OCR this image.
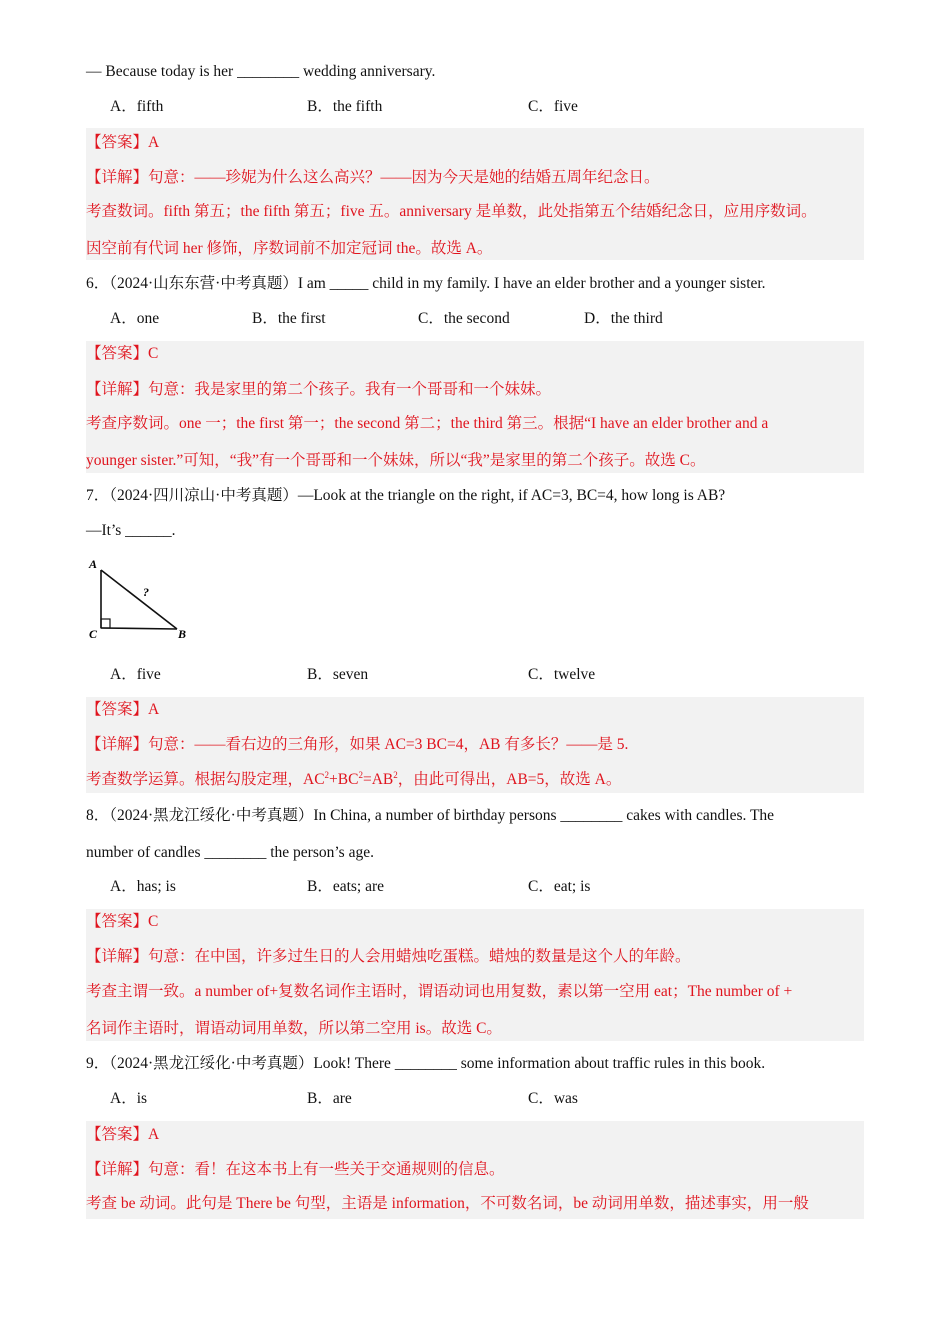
— Because today is her ________ wedding anniversary.
A．fifth	B．the fifth	C．five
【答案】A
【详解】句意：——珍妮为什么这么高兴？——因为今天是她的结婚五周年纪念日。
考查数词。fifth 第五；the fifth 第五；five 五。anniversary 是单数，此处指第五个结婚纪念日，应用序数词。
因空前有代词 her 修饰，序数词前不加定冠词 the。故选 A。
6．（2024·山东东营·中考真题）I am _____ child in my family. I have an elder brother and a younger sister.
A．one	B．the first	C．the second	D．the third
【答案】C
【详解】句意：我是家里的第二个孩子。我有一个哥哥和一个妹妹。
考查序数词。one 一；the first 第一；the second 第二；the third 第三。根据“I have an elder brother and a
younger sister.”可知，“我”有一个哥哥和一个妹妹，所以“我”是家里的第二个孩子。故选 C。
7．（2024·四川凉山·中考真题）—Look at the triangle on the right, if AC=3, BC=4, how long is AB?
—It’s ______.
A
C	B
?
A．five	B．seven	C．twelve
【答案】A
【详解】句意：——看右边的三角形，如果 AC=3 BC=4，AB 有多长？——是 5.
考查数学运算。根据勾股定理，$AC^2+BC^2=AB^2$，由此可得出，AB=5，故选 A。
8．（2024·黑龙江绥化·中考真题）In China, a number of birthday persons ________ cakes with candles. The
number of candles ________ the person’s age.
A．has; is	B．eats; are	C．eat; is
【答案】C
【详解】句意：在中国，许多过生日的人会用蜡烛吃蛋糕。蜡烛的数量是这个人的年龄。
考查主谓一致。a number of+复数名词作主语时，谓语动词也用复数，素以第一空用 eat；The number of +
名词作主语时，谓语动词用单数，所以第二空用 is。故选 C。
9．（2024·黑龙江绥化·中考真题）Look! There ________ some information about traffic rules in this book.
A．is	B．are	C．was
【答案】A
【详解】句意：看！在这本书上有一些关于交通规则的信息。
考查 be 动词。此句是 There be 句型，主语是 information，不可数名词，be 动词用单数，描述事实，用一般
